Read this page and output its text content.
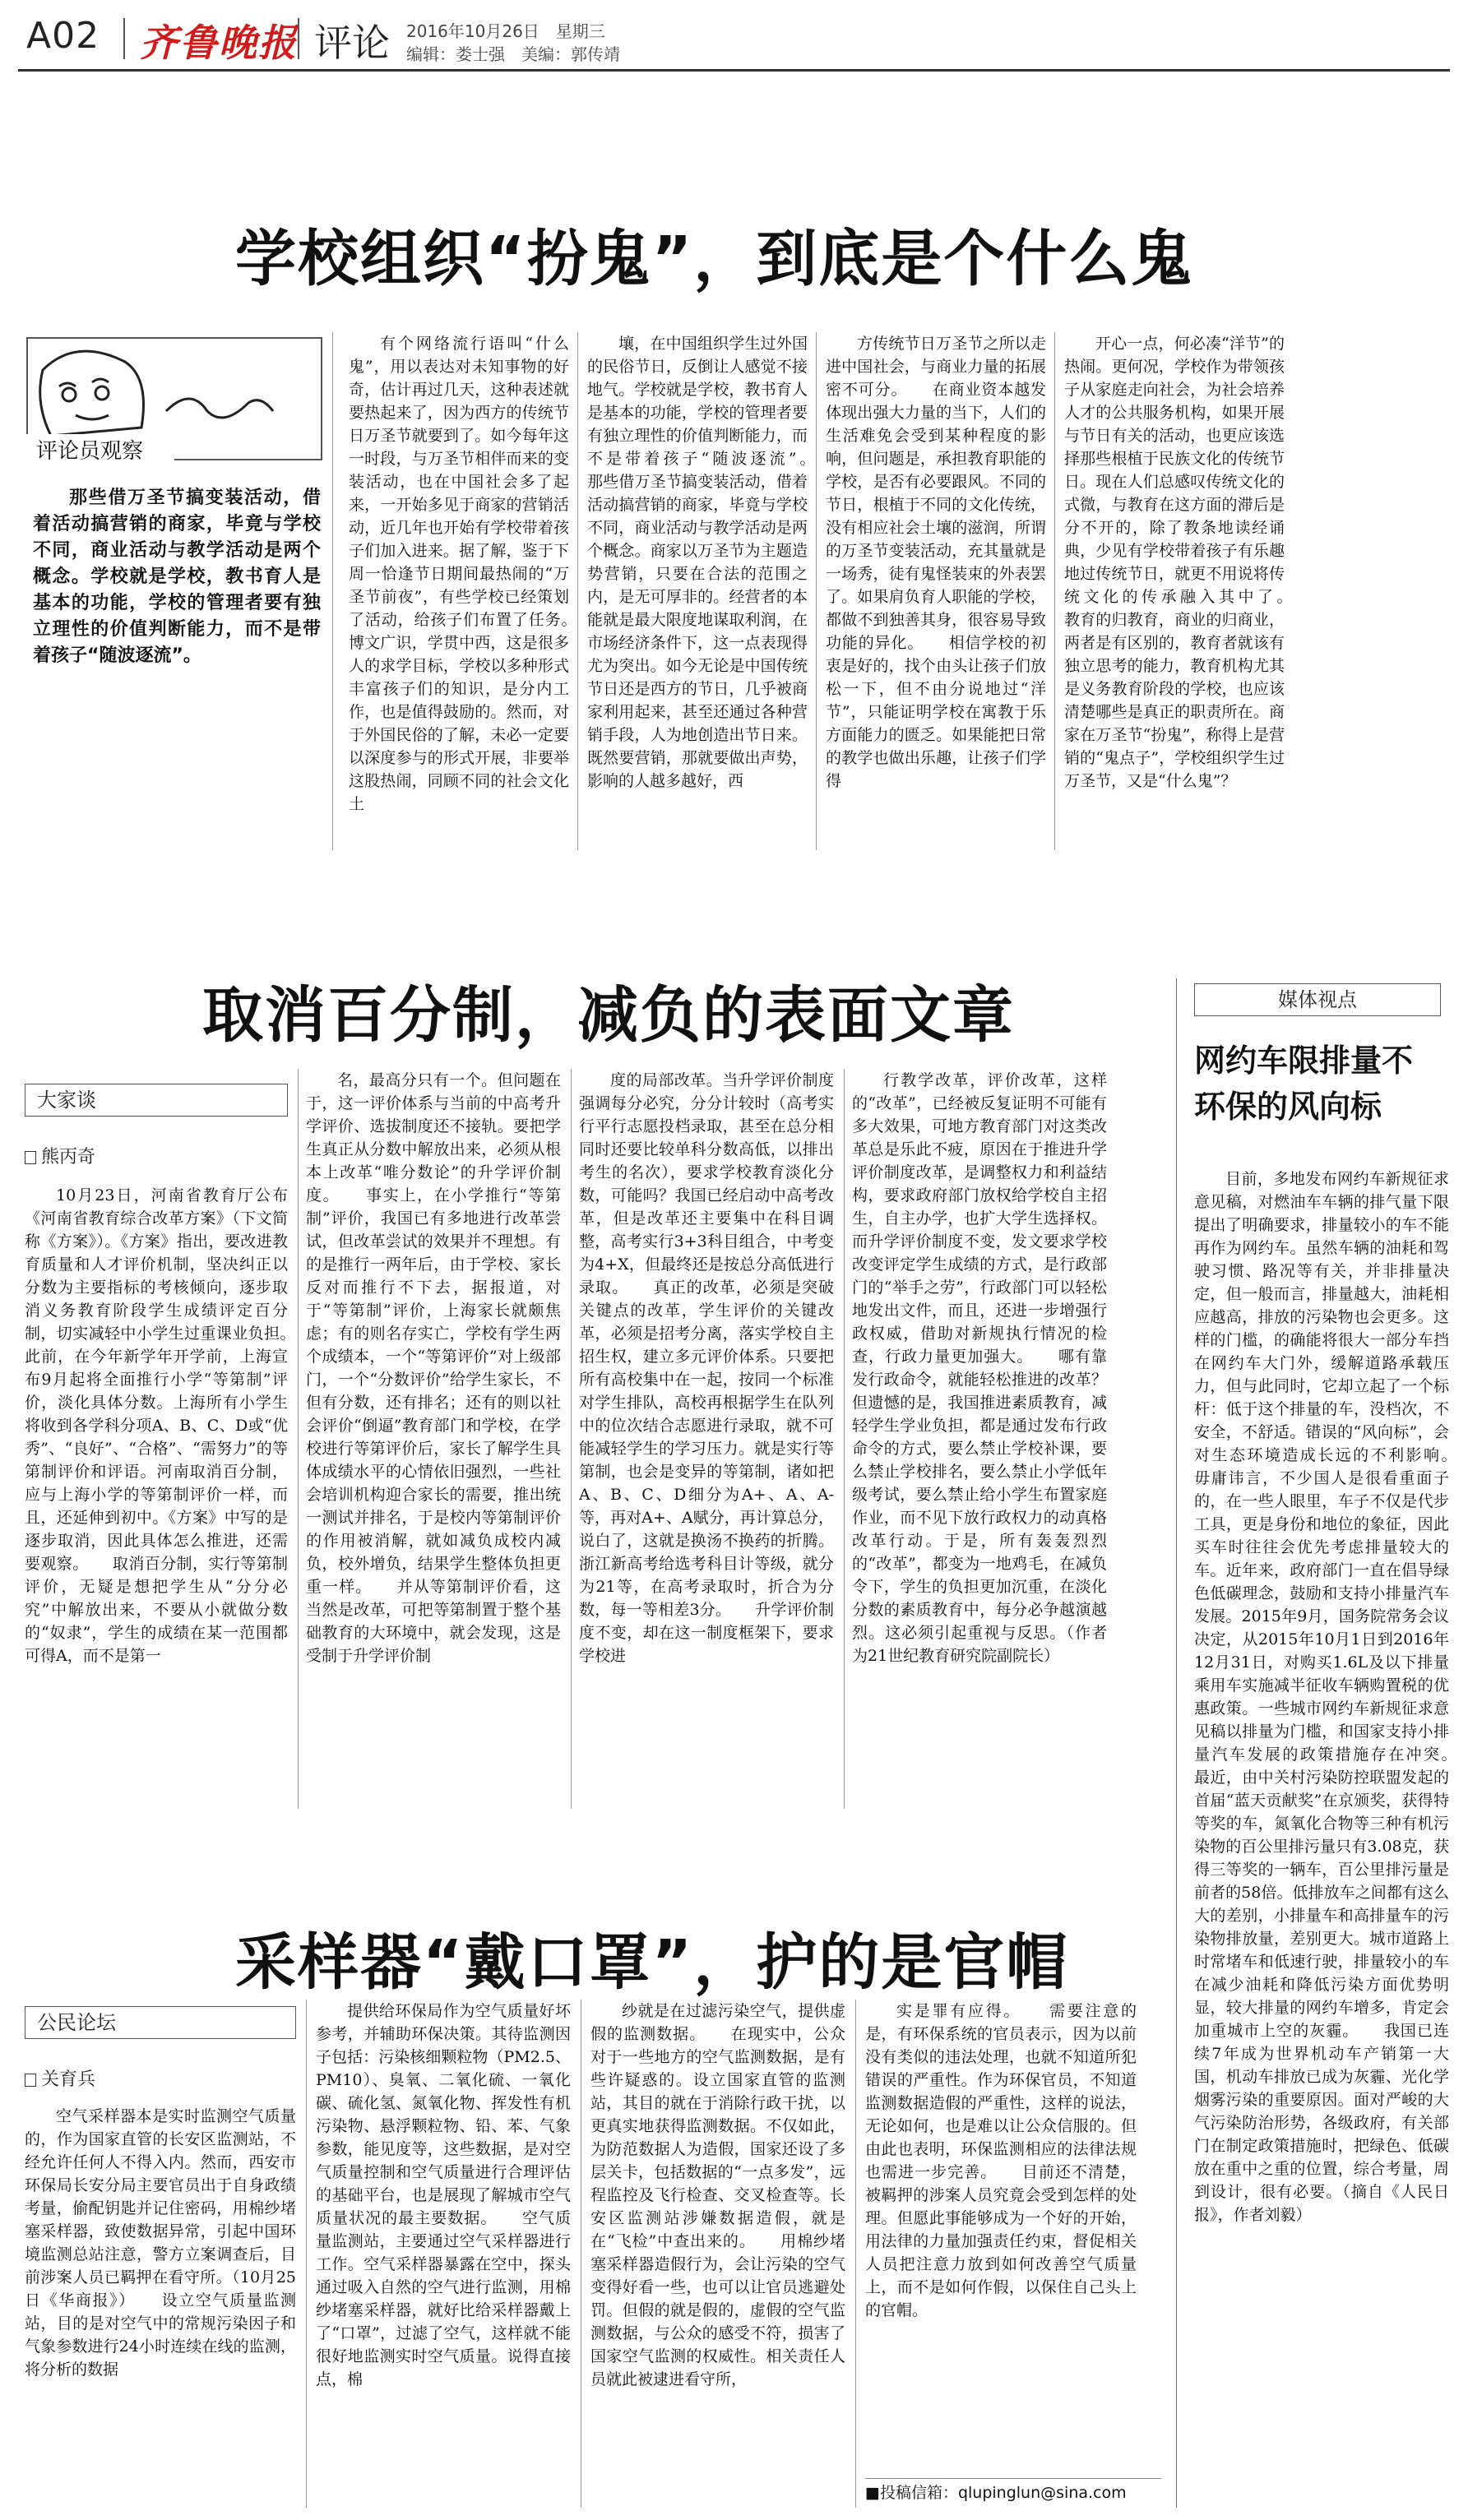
A02 齐鲁晚报 评论 2016年10月26日　星期三
编辑：娄士强　美编：郭传靖
学校组织“扮鬼”，到底是个什么鬼
评论员观察
那些借万圣节搞变装活动，借着活动搞营销的商家，毕竟与学校不同，商业活动与教学活动是两个概念。学校就是学校，教书育人是基本的功能，学校的管理者要有独立理性的价值判断能力，而不是带着孩子“随波逐流”。
有个网络流行语叫“什么鬼”，用以表达对未知事物的好奇，估计再过几天，这种表述就要热起来了，因为西方的传统节日万圣节就要到了。如今每年这一时段，与万圣节相伴而来的变装活动，也在中国社会多了起来，一开始多见于商家的营销活动，近几年也开始有学校带着孩子们加入进来。据了解，鉴于下周一恰逢节日期间最热闹的“万圣节前夜”，有些学校已经策划了活动，给孩子们布置了任务。　　博文广识，学贯中西，这是很多人的求学目标，学校以多种形式丰富孩子们的知识，是分内工作，也是值得鼓励的。然而，对于外国民俗的了解，未必一定要以深度参与的形式开展，非要举这股热闹，同顾不同的社会文化土
壤，在中国组织学生过外国的民俗节日，反倒让人感觉不接地气。学校就是学校，教书育人是基本的功能，学校的管理者要有独立理性的价值判断能力，而不是带着孩子“随波逐流”。　　那些借万圣节搞变装活动，借着活动搞营销的商家，毕竟与学校不同，商业活动与教学活动是两个概念。商家以万圣节为主题造势营销，只要在合法的范围之内，是无可厚非的。经营者的本能就是最大限度地谋取利润，在市场经济条件下，这一点表现得尤为突出。如今无论是中国传统节日还是西方的节日，几乎被商家利用起来，甚至还通过各种营销手段，人为地创造出节日来。既然要营销，那就要做出声势，影响的人越多越好，西
方传统节日万圣节之所以走进中国社会，与商业力量的拓展密不可分。　　在商业资本越发体现出强大力量的当下，人们的生活难免会受到某种程度的影响，但问题是，承担教育职能的学校，是否有必要跟风。不同的节日，根植于不同的文化传统，没有相应社会土壤的滋润，所谓的万圣节变装活动，充其量就是一场秀，徒有鬼怪装束的外表罢了。如果肩负育人职能的学校，都做不到独善其身，很容易导致功能的异化。　　相信学校的初衷是好的，找个由头让孩子们放松一下，但不由分说地过“洋节”，只能证明学校在寓教于乐方面能力的匮乏。如果能把日常的教学也做出乐趣，让孩子们学得
开心一点，何必凑“洋节”的热闹。更何况，学校作为带领孩子从家庭走向社会，为社会培养人才的公共服务机构，如果开展与节日有关的活动，也更应该选择那些根植于民族文化的传统节日。现在人们总感叹传统文化的式微，与教育在这方面的滞后是分不开的，除了教条地读经诵典，少见有学校带着孩子有乐趣地过传统节日，就更不用说将传统文化的传承融入其中了。　　教育的归教育，商业的归商业，两者是有区别的，教育者就该有独立思考的能力，教育机构尤其是义务教育阶段的学校，也应该清楚哪些是真正的职责所在。商家在万圣节“扮鬼”，称得上是营销的“鬼点子”，学校组织学生过万圣节，又是“什么鬼”？
取消百分制，减负的表面文章
大家谈
熊丙奇
10月23日，河南省教育厅公布《河南省教育综合改革方案》（下文简称《方案》）。《方案》指出，要改进教育质量和人才评价机制，坚决纠正以分数为主要指标的考核倾向，逐步取消义务教育阶段学生成绩评定百分制，切实减轻中小学生过重课业负担。　　此前，在今年新学年开学前，上海宣布9月起将全面推行小学“等第制”评价，淡化具体分数。上海所有小学生将收到各学科分项A、B、C、D或“优秀”、“良好”、“合格”、“需努力”的等第制评价和评语。河南取消百分制，应与上海小学的等第制评价一样，而且，还延伸到初中。《方案》中写的是逐步取消，因此具体怎么推进，还需要观察。　　取消百分制，实行等第制评价，无疑是想把学生从“分分必究”中解放出来，不要从小就做分数的“奴隶”，学生的成绩在某一范围都可得A，而不是第一
名，最高分只有一个。但问题在于，这一评价体系与当前的中高考升学评价、选拔制度还不接轨。要把学生真正从分数中解放出来，必须从根本上改革“唯分数论”的升学评价制度。　　事实上，在小学推行“等第制”评价，我国已有多地进行改革尝试，但改革尝试的效果并不理想。有的是推行一两年后，由于学校、家长反对而推行不下去，据报道，对于“等第制”评价，上海家长就颇焦虑；有的则名存实亡，学校有学生两个成绩本，一个“等第评价”对上级部门，一个“分数评价”给学生家长，不但有分数，还有排名；还有的则以社会评价“倒逼”教育部门和学校，在学校进行等第评价后，家长了解学生具体成绩水平的心情依旧强烈，一些社会培训机构迎合家长的需要，推出统一测试并排名，于是校内等第制评价的作用被消解，就如减负成校内减负，校外增负，结果学生整体负担更重一样。　　并从等第制评价看，这当然是改革，可把等第制置于整个基础教育的大环境中，就会发现，这是受制于升学评价制
度的局部改革。当升学评价制度强调每分必究，分分计较时（高考实行平行志愿投档录取，甚至在总分相同时还要比较单科分数高低，以排出考生的名次），要求学校教育淡化分数，可能吗？我国已经启动中高考改革，但是改革还主要集中在科目调整，高考实行3+3科目组合，中考变为4+X，但最终还是按总分高低进行录取。　　真正的改革，必须是突破关键点的改革，学生评价的关键改革，必须是招考分离，落实学校自主招生权，建立多元评价体系。只要把所有高校集中在一起，按同一个标准对学生排队，高校再根据学生在队列中的位次结合志愿进行录取，就不可能减轻学生的学习压力。就是实行等第制，也会是变异的等第制，诸如把A、B、C、D细分为A+、A、A-等，再对A+、A赋分，再计算总分，说白了，这就是换汤不换药的折腾。浙江新高考给选考科目计等级，就分为21等，在高考录取时，折合为分数，每一等相差3分。　　升学评价制度不变，却在这一制度框架下，要求学校进
行教学改革，评价改革，这样的“改革”，已经被反复证明不可能有多大效果，可地方教育部门对这类改革总是乐此不疲，原因在于推进升学评价制度改革，是调整权力和利益结构，要求政府部门放权给学校自主招生，自主办学，也扩大学生选择权。而升学评价制度不变，发文要求学校改变评定学生成绩的方式，是行政部门的“举手之劳”，行政部门可以轻松地发出文件，而且，还进一步增强行政权威，借助对新规执行情况的检查，行政力量更加强大。　　哪有靠发行政命令，就能轻松推进的改革？但遗憾的是，我国推进素质教育，减轻学生学业负担，都是通过发布行政命令的方式，要么禁止学校补课，要么禁止学校排名，要么禁止小学低年级考试，要么禁止给小学生布置家庭作业，而不见下放行政权力的动真格改革行动。于是，所有轰轰烈烈的“改革”，都变为一地鸡毛，在减负令下，学生的负担更加沉重，在淡化分数的素质教育中，每分必争越演越烈。这必须引起重视与反思。（作者为21世纪教育研究院副院长）
媒体视点
网约车限排量不环保的风向标
目前，多地发布网约车新规征求意见稿，对燃油车车辆的排气量下限提出了明确要求，排量较小的车不能再作为网约车。虽然车辆的油耗和驾驶习惯、路况等有关，并非排量决定，但一般而言，排量越大，油耗相应越高，排放的污染物也会更多。这样的门槛，的确能将很大一部分车挡在网约车大门外，缓解道路承载压力，但与此同时，它却立起了一个标杆：低于这个排量的车，没档次，不安全，不舒适。错误的“风向标”，会对生态环境造成长远的不利影响。　　毋庸讳言，不少国人是很看重面子的，在一些人眼里，车子不仅是代步工具，更是身份和地位的象征，因此买车时往往会优先考虑排量较大的车。近年来，政府部门一直在倡导绿色低碳理念，鼓励和支持小排量汽车发展。2015年9月，国务院常务会议决定，从2015年10月1日到2016年12月31日，对购买1.6L及以下排量乘用车实施减半征收车辆购置税的优惠政策。一些城市网约车新规征求意见稿以排量为门槛，和国家支持小排量汽车发展的政策措施存在冲突。　　最近，由中关村污染防控联盟发起的首届“蓝天贡献奖”在京颁奖，获得特等奖的车，氮氧化合物等三种有机污染物的百公里排污量只有3.08克，获得三等奖的一辆车，百公里排污量是前者的58倍。低排放车之间都有这么大的差别，小排量车和高排量车的污染物排放量，差别更大。城市道路上时常堵车和低速行驶，排量较小的车在减少油耗和降低污染方面优势明显，较大排量的网约车增多，肯定会加重城市上空的灰霾。　　我国已连续7年成为世界机动车产销第一大国，机动车排放已成为灰霾、光化学烟雾污染的重要原因。面对严峻的大气污染防治形势，各级政府，有关部门在制定政策措施时，把绿色、低碳放在重中之重的位置，综合考量，周到设计，很有必要。（摘自《人民日报》，作者刘毅）
采样器“戴口罩”，护的是官帽
公民论坛
关育兵
空气采样器本是实时监测空气质量的，作为国家直管的长安区监测站，不经允许任何人不得入内。然而，西安市环保局长安分局主要官员出于自身政绩考量，偷配钥匙并记住密码，用棉纱堵塞采样器，致使数据异常，引起中国环境监测总站注意，警方立案调查后，目前涉案人员已羁押在看守所。（10月25日《华商报》）　　设立空气质量监测站，目的是对空气中的常规污染因子和气象参数进行24小时连续在线的监测，将分析的数据
提供给环保局作为空气质量好坏参考，并辅助环保决策。其待监测因子包括：污染核细颗粒物（PM2.5、PM10）、臭氧、二氧化硫、一氧化碳、硫化氢、氮氧化物、挥发性有机污染物、悬浮颗粒物、铅、苯、气象参数，能见度等，这些数据，是对空气质量控制和空气质量进行合理评估的基础平台，也是展现了解城市空气质量状况的最主要数据。　　空气质量监测站，主要通过空气采样器进行工作。空气采样器暴露在空中，探头通过吸入自然的空气进行监测，用棉纱堵塞采样器，就好比给采样器戴上了“口罩”，过滤了空气，这样就不能很好地监测实时空气质量。说得直接点，棉
纱就是在过滤污染空气，提供虚假的监测数据。　　在现实中，公众对于一些地方的空气监测数据，是有些许疑惑的。设立国家直管的监测站，其目的就在于消除行政干扰，以更真实地获得监测数据。不仅如此，为防范数据人为造假，国家还设了多层关卡，包括数据的“一点多发”，远程监控及飞行检查、交叉检查等。长安区监测站涉嫌数据造假，就是在“飞检”中查出来的。　　用棉纱堵塞采样器造假行为，会让污染的空气变得好看一些，也可以让官员逃避处罚。但假的就是假的，虚假的空气监测数据，与公众的感受不符，损害了国家空气监测的权威性。相关责任人员就此被逮进看守所，
实是罪有应得。　　需要注意的是，有环保系统的官员表示，因为以前没有类似的违法处理，也就不知道所犯错误的严重性。作为环保官员，不知道监测数据造假的严重性，这样的说法，无论如何，也是难以让公众信服的。但由此也表明，环保监测相应的法律法规也需进一步完善。　　目前还不清楚，被羁押的涉案人员究竟会受到怎样的处理。但愿此事能够成为一个好的开始，用法律的力量加强责任约束，督促相关人员把注意力放到如何改善空气质量上，而不是如何作假，以保住自己头上的官帽。
■投稿信箱：qlupinglun@sina.com
